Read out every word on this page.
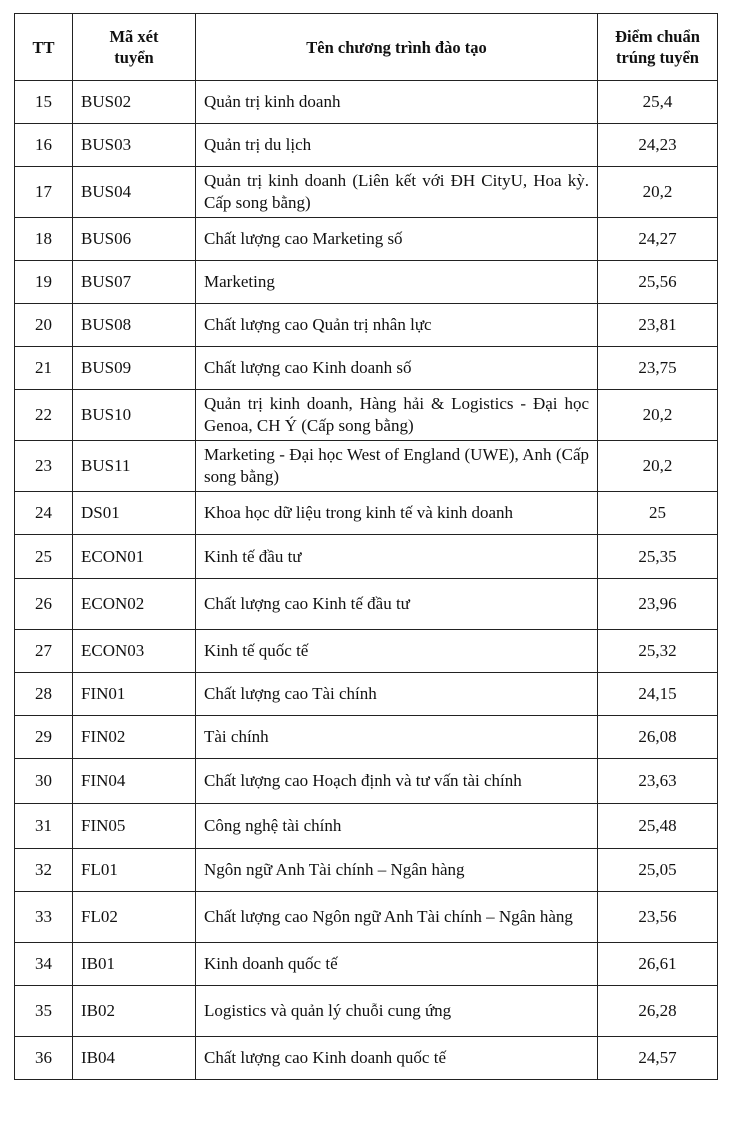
TT	Mã xét tuyển	Tên chương trình đào tạo	Điểm chuẩn trúng tuyển
15	BUS02	Quản trị kinh doanh	25,4
16	BUS03	Quản trị du lịch	24,23
17	BUS04	Quản trị kinh doanh (Liên kết với ĐH CityU, Hoa kỳ. Cấp song bằng)	20,2
18	BUS06	Chất lượng cao Marketing số	24,27
19	BUS07	Marketing	25,56
20	BUS08	Chất lượng cao Quản trị nhân lực	23,81
21	BUS09	Chất lượng cao Kinh doanh số	23,75
22	BUS10	Quản trị kinh doanh, Hàng hải & Logistics - Đại học Genoa, CH Ý (Cấp song bằng)	20,2
23	BUS11	Marketing - Đại học West of England (UWE), Anh (Cấp song bằng)	20,2
24	DS01	Khoa học dữ liệu trong kinh tế và kinh doanh	25
25	ECON01	Kinh tế đầu tư	25,35
26	ECON02	Chất lượng cao Kinh tế đầu tư	23,96
27	ECON03	Kinh tế quốc tế	25,32
28	FIN01	Chất lượng cao Tài chính	24,15
29	FIN02	Tài chính	26,08
30	FIN04	Chất lượng cao Hoạch định và tư vấn tài chính	23,63
31	FIN05	Công nghệ tài chính	25,48
32	FL01	Ngôn ngữ Anh Tài chính – Ngân hàng	25,05
33	FL02	Chất lượng cao Ngôn ngữ Anh Tài chính – Ngân hàng	23,56
34	IB01	Kinh doanh quốc tế	26,61
35	IB02	Logistics và quản lý chuỗi cung ứng	26,28
36	IB04	Chất lượng cao Kinh doanh quốc tế	24,57
